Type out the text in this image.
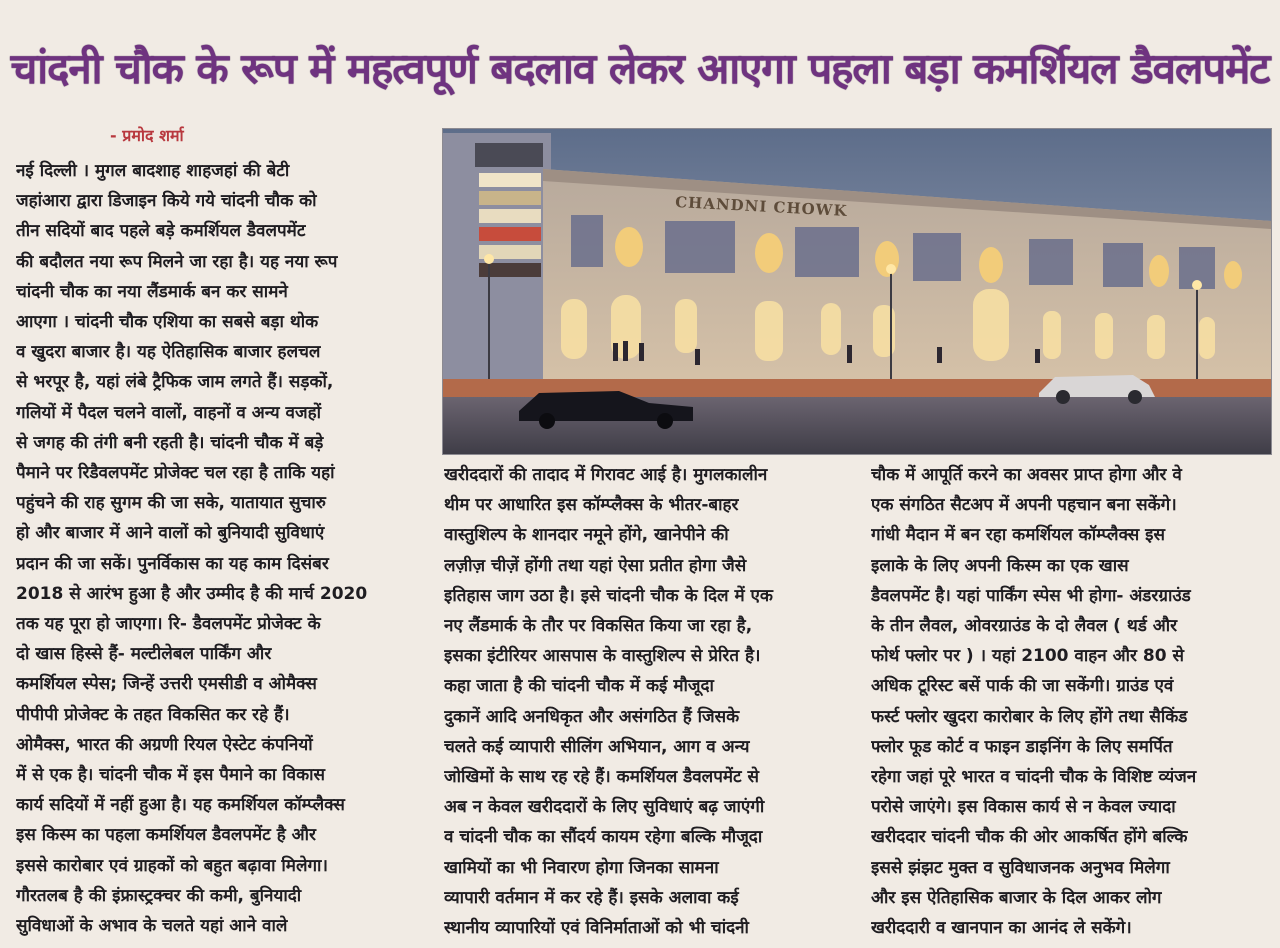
चांदनी चौक के रूप में महत्वपूर्ण बदलाव लेकर आएगा पहला बड़ा कमर्शियल डैवलपमेंट
- प्रमोद शर्मा
CHANDNI CHOWK
नई दिल्ली । मुगल बादशाह शाहजहां की बेटी
जहांआरा द्वारा डिजाइन किये गये चांदनी चौक को
तीन सदियों बाद पहले बड़े कमर्शियल डैवलपमेंट
की बदौलत नया रूप मिलने जा रहा है। यह नया रूप
चांदनी चौक का नया लैंडमार्क बन कर सामने
आएगा । चांदनी चौक एशिया का सबसे बड़ा थोक
व खुदरा बाजार है। यह ऐतिहासिक बाजार हलचल
से भरपूर है, यहां लंबे ट्रैफिक जाम लगते हैं। सड़कों,
गलियों में पैदल चलने वालों, वाहनों व अन्य वजहों
से जगह की तंगी बनी रहती है। चांदनी चौक में बड़े
पैमाने पर रिडैवलपमेंट प्रोजेक्ट चल रहा है ताकि यहां
पहुंचने की राह सुगम की जा सके, यातायात सुचारु
हो और बाजार में आने वालों को बुनियादी सुविधाएं
प्रदान की जा सकें। पुनर्विकास का यह काम दिसंबर
2018 से आरंभ हुआ है और उम्मीद है की मार्च 2020
तक यह पूरा हो जाएगा। रि- डैवलपमेंट प्रोजेक्ट के
दो खास हिस्से हैं- मल्टीलेबल पार्किंग और
कमर्शियल स्पेस; जिन्हें उत्तरी एमसीडी व ओमैक्स
पीपीपी प्रोजेक्ट के तहत विकसित कर रहे हैं।
ओमैक्स, भारत की अग्रणी रियल ऐस्टेट कंपनियों
में से एक है। चांदनी चौक में इस पैमाने का विकास
कार्य सदियों में नहीं हुआ है। यह कमर्शियल कॉम्प्लैक्स
इस किस्म का पहला कमर्शियल डैवलपमेंट है और
इससे कारोबार एवं ग्राहकों को बहुत बढ़ावा मिलेगा।
गौरतलब है की इंफ्रास्ट्रक्चर की कमी, बुनियादी
सुविधाओं के अभाव के चलते यहां आने वाले
खरीददारों की तादाद में गिरावट आई है। मुगलकालीन
थीम पर आधारित इस कॉम्प्लैक्स के भीतर-बाहर
वास्तुशिल्प के शानदार नमूने होंगे, खानेपीने की
लज़ीज़ चीज़ें होंगी तथा यहां ऐसा प्रतीत होगा जैसे
इतिहास जाग उठा है। इसे चांदनी चौक के दिल में एक
नए लैंडमार्क के तौर पर विकसित किया जा रहा है,
इसका इंटीरियर आसपास के वास्तुशिल्प से प्रेरित है।
कहा जाता है की चांदनी चौक में कई मौजूदा
दुकानें आदि अनधिकृत और असंगठित हैं जिसके
चलते कई व्यापारी सीलिंग अभियान, आग व अन्य
जोखिमों के साथ रह रहे हैं। कमर्शियल डैवलपमेंट से
अब न केवल खरीददारों के लिए सुविधाएं बढ़ जाएंगी
व चांदनी चौक का सौंदर्य कायम रहेगा बल्कि मौजूदा
खामियों का भी निवारण होगा जिनका सामना
व्यापारी वर्तमान में कर रहे हैं। इसके अलावा कई
स्थानीय व्यापारियों एवं विनिर्माताओं को भी चांदनी
चौक में आपूर्ति करने का अवसर प्राप्त होगा और वे
एक संगठित सैटअप में अपनी पहचान बना सकेंगे।
गांधी मैदान में बन रहा कमर्शियल कॉम्प्लैक्स इस
इलाके के लिए अपनी किस्म का एक खास
डैवलपमेंट है। यहां पार्किंग स्पेस भी होगा- अंडरग्राउंड
के तीन लैवल, ओवरग्राउंड के दो लैवल ( थर्ड और
फोर्थ फ्लोर पर ) । यहां 2100 वाहन और 80 से
अधिक टूरिस्ट बसें पार्क की जा सकेंगी। ग्राउंड एवं
फर्स्ट फ्लोर खुदरा कारोबार के लिए होंगे तथा सैकिंड
फ्लोर फूड कोर्ट व फाइन डाइनिंग के लिए समर्पित
रहेगा जहां पूरे भारत व चांदनी चौक के विशिष्ट व्यंजन
परोसे जाएंगे। इस विकास कार्य से न केवल ज्यादा
खरीददार चांदनी चौक की ओर आकर्षित होंगे बल्कि
इससे झंझट मुक्त व सुविधाजनक अनुभव मिलेगा
और इस ऐतिहासिक बाजार के दिल आकर लोग
खरीददारी व खानपान का आनंद ले सकेंगे।
